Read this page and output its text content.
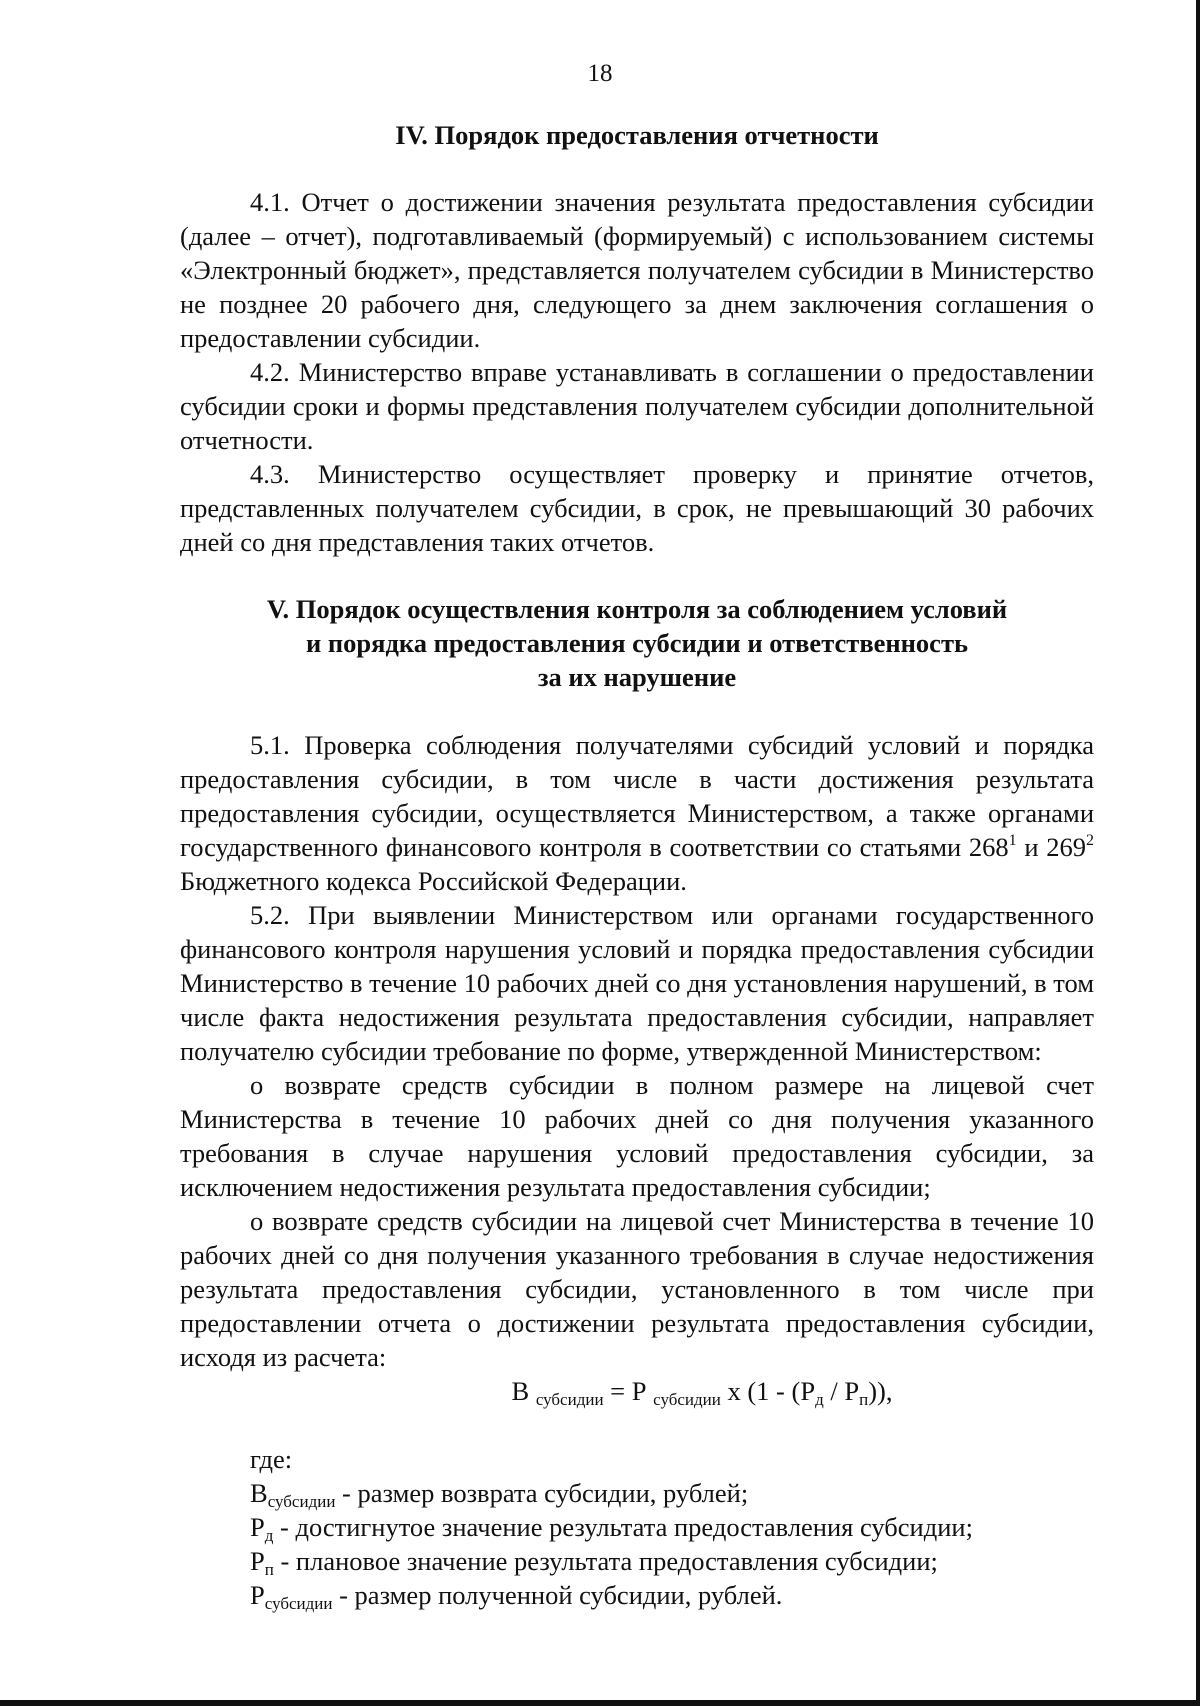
18

IV. Порядок предоставления отчетности

4.1. Отчет о достижении значения результата предоставления субсидии (далее – отчет), подготавливаемый (формируемый) с использованием системы «Электронный бюджет», представляется получателем субсидии в Министерство не позднее 20 рабочего дня, следующего за днем заключения соглашения о предоставлении субсидии.

4.2. Министерство вправе устанавливать в соглашении о предоставлении субсидии сроки и формы представления получателем субсидии дополнительной отчетности.

4.3. Министерство осуществляет проверку и принятие отчетов, представленных получателем субсидии, в срок, не превышающий 30 рабочих дней со дня представления таких отчетов.

V. Порядок осуществления контроля за соблюдением условий
и порядка предоставления субсидии и ответственность
за их нарушение

5.1. Проверка соблюдения получателями субсидий условий и порядка предоставления субсидии, в том числе в части достижения результата предоставления субсидии, осуществляется Министерством, а также органами государственного финансового контроля в соответствии со статьями $268^1$ и $269^2$ Бюджетного кодекса Российской Федерации.

5.2. При выявлении Министерством или органами государственного финансового контроля нарушения условий и порядка предоставления субсидии Министерство в течение 10 рабочих дней со дня установления нарушений, в том числе факта недостижения результата предоставления субсидии, направляет получателю субсидии требование по форме, утвержденной Министерством:

о возврате средств субсидии в полном размере на лицевой счет Министерства в течение 10 рабочих дней со дня получения указанного требования в случае нарушения условий предоставления субсидии, за исключением недостижения результата предоставления субсидии;

о возврате средств субсидии на лицевой счет Министерства в течение 10 рабочих дней со дня получения указанного требования в случае недостижения результата предоставления субсидии, установленного в том числе при предоставлении отчета о достижении результата предоставления субсидии, исходя из расчета:

В $_{субсидии}$ = Р $_{субсидии}$ x $(1 - (Р_д / Р_п))$,

где:

$В_{субсидии}$ - размер возврата субсидии, рублей;

$Р_д$ - достигнутое значение результата предоставления субсидии;

$Р_п$ - плановое значение результата предоставления субсидии;

$Р_{субсидии}$ - размер полученной субсидии, рублей.
